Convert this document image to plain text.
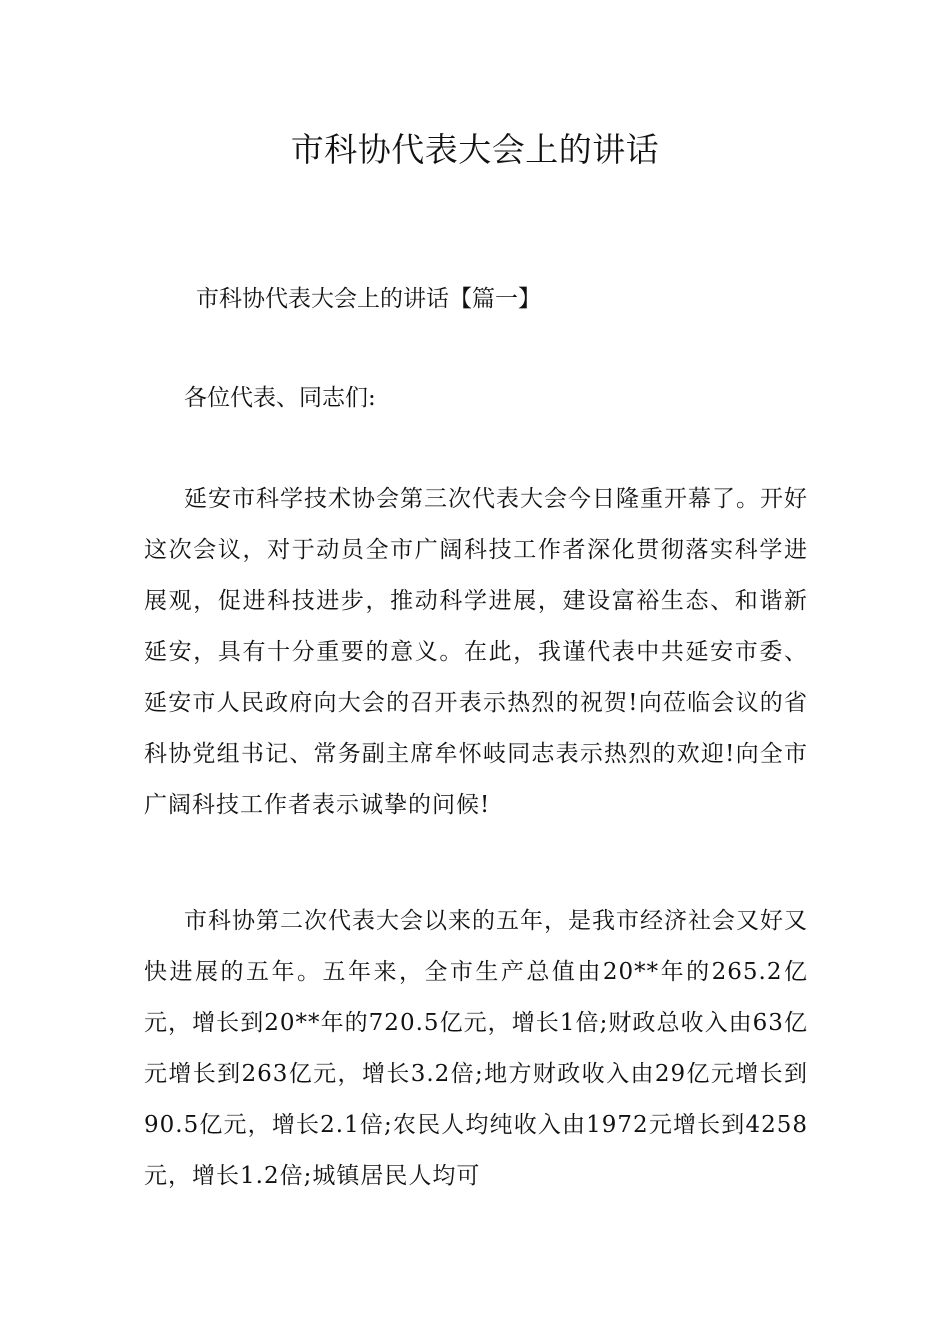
市科协代表大会上的讲话

市科协代表大会上的讲话【篇一】

各位代表、同志们:

延安市科学技术协会第三次代表大会今日隆重开幕了。开好这次会议，对于动员全市广阔科技工作者深化贯彻落实科学进展观，促进科技进步，推动科学进展，建设富裕生态、和谐新延安，具有十分重要的意义。在此，我谨代表中共延安市委、延安市人民政府向大会的召开表示热烈的祝贺!向莅临会议的省科协党组书记、常务副主席牟怀岐同志表示热烈的欢迎!向全市广阔科技工作者表示诚挚的问候!

市科协第二次代表大会以来的五年，是我市经济社会又好又快进展的五年。五年来，全市生产总值由20**年的265.2亿元，增长到20**年的720.5亿元，增长1倍;财政总收入由63亿元增长到263亿元，增长3.2倍;地方财政收入由29亿元增长到90.5亿元，增长2.1倍;农民人均纯收入由1972元增长到4258元，增长1.2倍;城镇居民人均可
